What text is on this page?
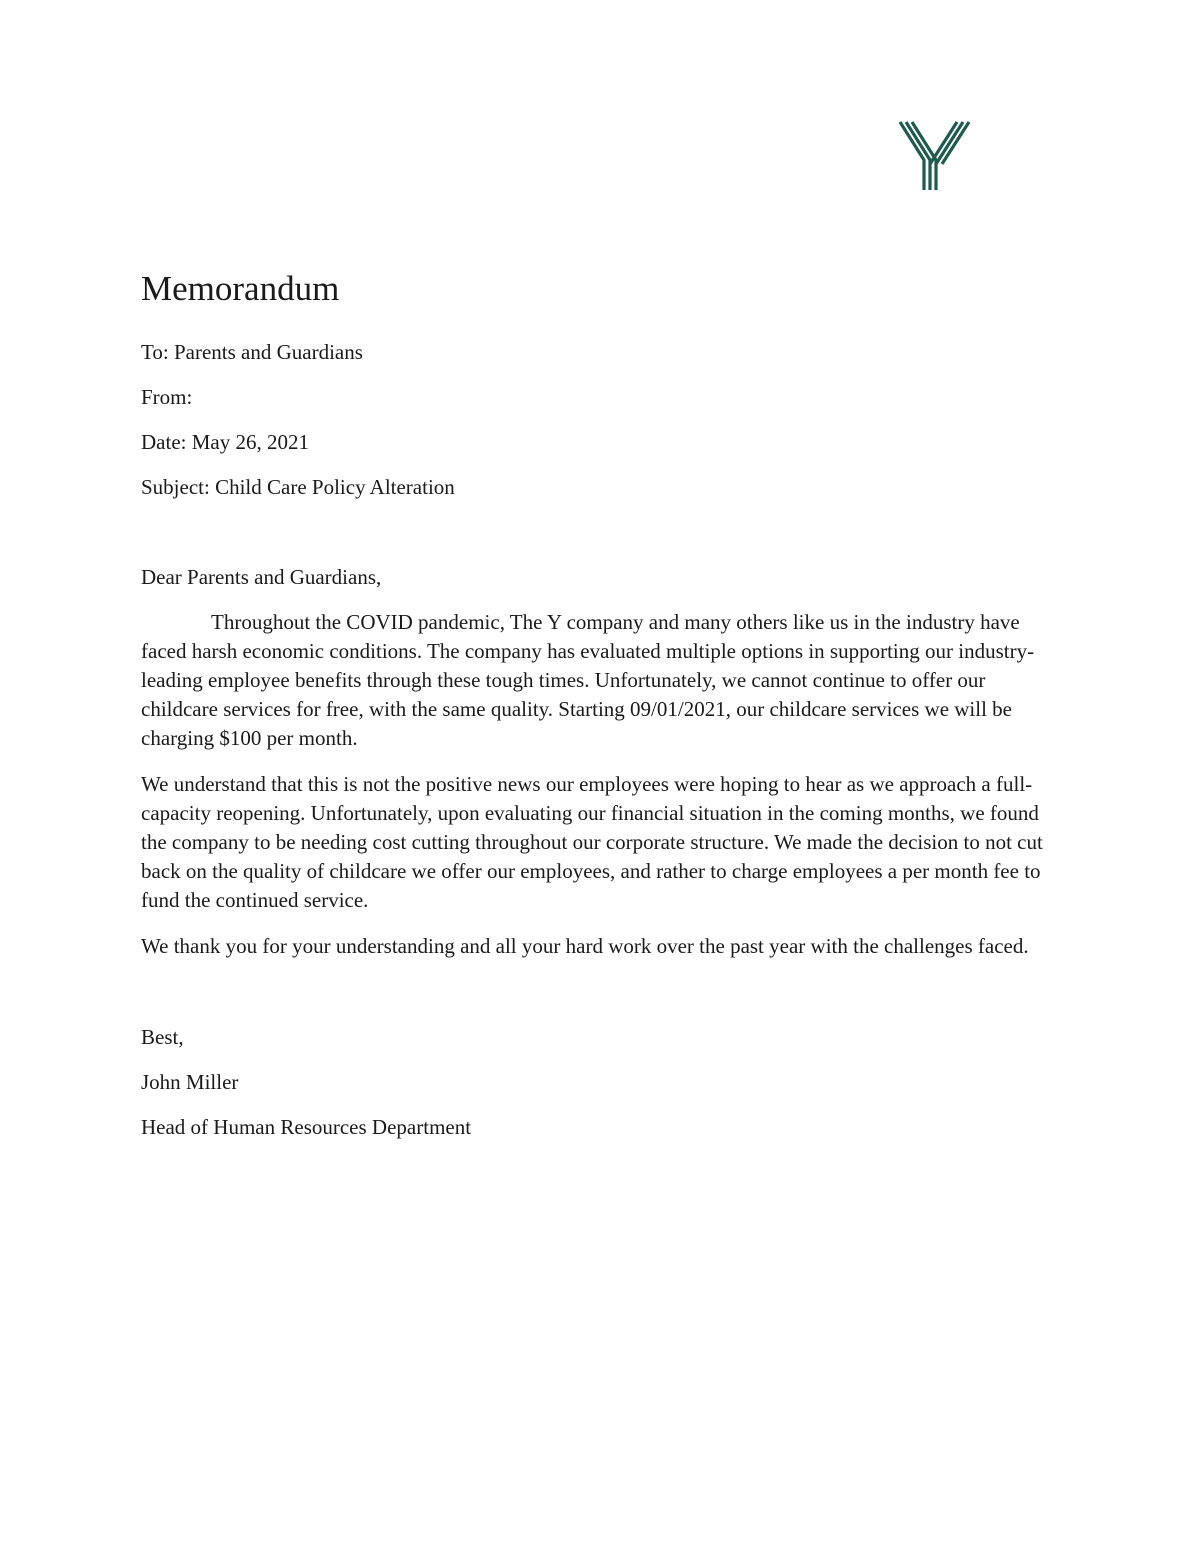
Memorandum
To: Parents and Guardians
From:
Date: May 26, 2021
Subject: Child Care Policy Alteration

Dear Parents and Guardians,

Throughout the COVID pandemic, The Y company and many others like us in the industry have faced harsh economic conditions. The company has evaluated multiple options in supporting our industry-leading employee benefits through these tough times. Unfortunately, we cannot continue to offer our childcare services for free, with the same quality. Starting 09/01/2021, our childcare services we will be charging $100 per month.

We understand that this is not the positive news our employees were hoping to hear as we approach a full-capacity reopening. Unfortunately, upon evaluating our financial situation in the coming months, we found the company to be needing cost cutting throughout our corporate structure. We made the decision to not cut back on the quality of childcare we offer our employees, and rather to charge employees a per month fee to fund the continued service.

We thank you for your understanding and all your hard work over the past year with the challenges faced.

Best,

John Miller

Head of Human Resources Department
